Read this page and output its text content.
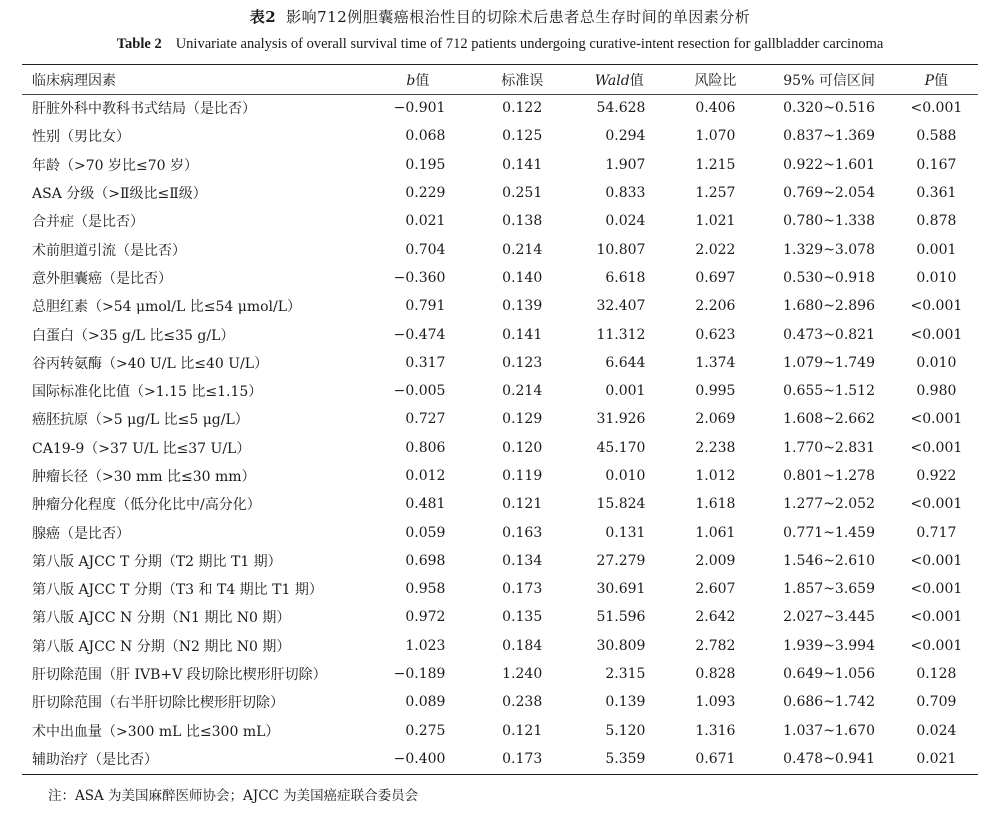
表2 影响712例胆囊癌根治性目的切除术后患者总生存时间的单因素分析
Table 2 Univariate analysis of overall survival time of 712 patients undergoing curative-intent resection for gallbladder carcinoma
临床病理因素	b值	标准误	Wald值	风险比	95% 可信区间	P值
肝脏外科中教科书式结局（是比否）	−0.901	0.122	54.628	0.406	0.320~0.516	<0.001
性别（男比女）	0.068	0.125	0.294	1.070	0.837~1.369	0.588
年龄（>70 岁比≤70 岁）	0.195	0.141	1.907	1.215	0.922~1.601	0.167
ASA 分级（>Ⅱ级比≤Ⅱ级）	0.229	0.251	0.833	1.257	0.769~2.054	0.361
合并症（是比否）	0.021	0.138	0.024	1.021	0.780~1.338	0.878
术前胆道引流（是比否）	0.704	0.214	10.807	2.022	1.329~3.078	0.001
意外胆囊癌（是比否）	−0.360	0.140	6.618	0.697	0.530~0.918	0.010
总胆红素（>54 μmol/L 比≤54 μmol/L）	0.791	0.139	32.407	2.206	1.680~2.896	<0.001
白蛋白（>35 g/L 比≤35 g/L）	−0.474	0.141	11.312	0.623	0.473~0.821	<0.001
谷丙转氨酶（>40 U/L 比≤40 U/L）	0.317	0.123	6.644	1.374	1.079~1.749	0.010
国际标准化比值（>1.15 比≤1.15）	−0.005	0.214	0.001	0.995	0.655~1.512	0.980
癌胚抗原（>5 μg/L 比≤5 μg/L）	0.727	0.129	31.926	2.069	1.608~2.662	<0.001
CA19-9（>37 U/L 比≤37 U/L）	0.806	0.120	45.170	2.238	1.770~2.831	<0.001
肿瘤长径（>30 mm 比≤30 mm）	0.012	0.119	0.010	1.012	0.801~1.278	0.922
肿瘤分化程度（低分化比中/高分化）	0.481	0.121	15.824	1.618	1.277~2.052	<0.001
腺癌（是比否）	0.059	0.163	0.131	1.061	0.771~1.459	0.717
第八版 AJCC T 分期（T2 期比 T1 期）	0.698	0.134	27.279	2.009	1.546~2.610	<0.001
第八版 AJCC T 分期（T3 和 T4 期比 T1 期）	0.958	0.173	30.691	2.607	1.857~3.659	<0.001
第八版 AJCC N 分期（N1 期比 N0 期）	0.972	0.135	51.596	2.642	2.027~3.445	<0.001
第八版 AJCC N 分期（N2 期比 N0 期）	1.023	0.184	30.809	2.782	1.939~3.994	<0.001
肝切除范围（肝 IVB+V 段切除比楔形肝切除）	−0.189	1.240	2.315	0.828	0.649~1.056	0.128
肝切除范围（右半肝切除比楔形肝切除）	0.089	0.238	0.139	1.093	0.686~1.742	0.709
术中出血量（>300 mL 比≤300 mL）	0.275	0.121	5.120	1.316	1.037~1.670	0.024
辅助治疗（是比否）	−0.400	0.173	5.359	0.671	0.478~0.941	0.021
注：ASA 为美国麻醉医师协会；AJCC 为美国癌症联合委员会
